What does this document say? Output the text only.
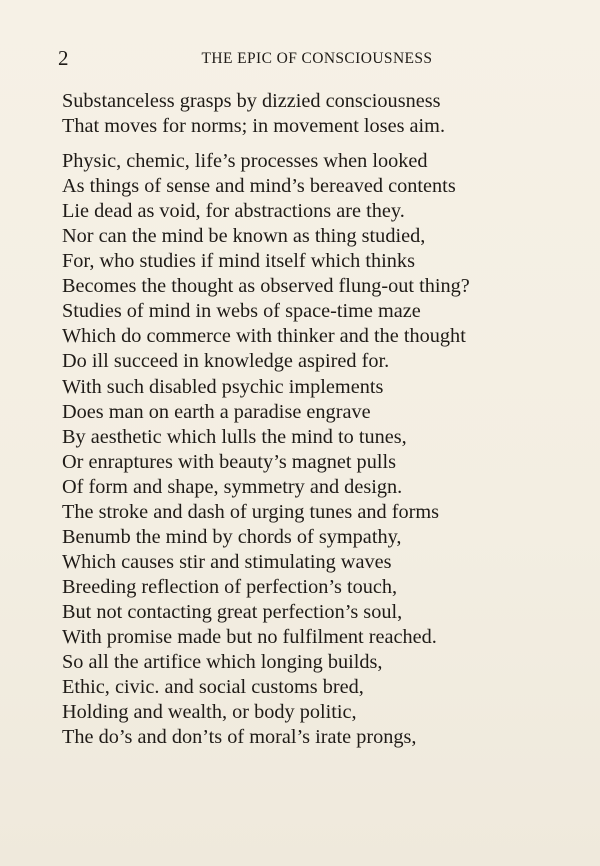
2	THE EPIC OF CONSCIOUSNESS

Substanceless grasps by dizzied consciousness
That moves for norms; in movement loses aim.

Physic, chemic, life’s processes when looked
As things of sense and mind’s bereaved contents
Lie dead as void, for abstractions are they.
Nor can the mind be known as thing studied,
For, who studies if mind itself which thinks
Becomes the thought as observed flung-out thing?
Studies of mind in webs of space-time maze
Which do commerce with thinker and the thought
Do ill succeed in knowledge aspired for.
With such disabled psychic implements
Does man on earth a paradise engrave
By aesthetic which lulls the mind to tunes,
Or enraptures with beauty’s magnet pulls
Of form and shape, symmetry and design.
The stroke and dash of urging tunes and forms
Benumb the mind by chords of sympathy,
Which causes stir and stimulating waves
Breeding reflection of perfection’s touch,
But not contacting great perfection’s soul,
With promise made but no fulfilment reached.
So all the artifice which longing builds,
Ethic, civic. and social customs bred,
Holding and wealth, or body politic,
The do’s and don’ts of moral’s irate prongs,
